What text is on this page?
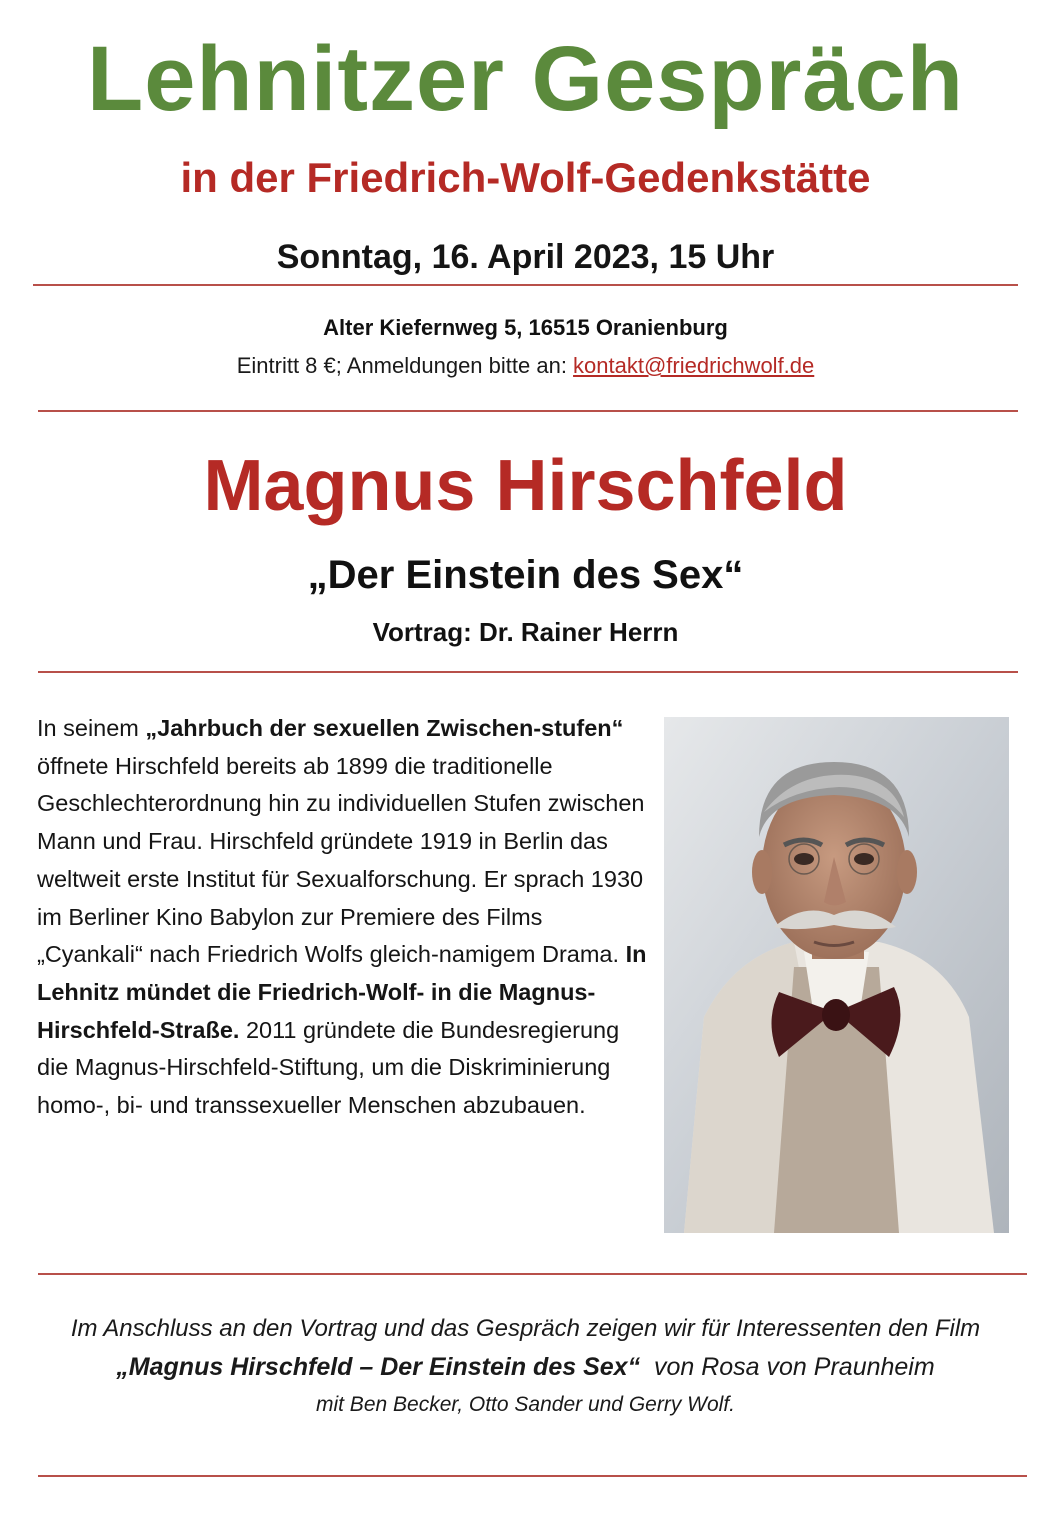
Lehnitzer Gespräch
in der Friedrich-Wolf-Gedenkstätte
Sonntag, 16. April 2023, 15 Uhr
Alter Kiefernweg 5, 16515 Oranienburg
Eintritt 8 €; Anmeldungen bitte an: kontakt@friedrichwolf.de
Magnus Hirschfeld
„Der Einstein des Sex“
Vortrag: Dr. Rainer Herrn
In seinem „Jahrbuch der sexuellen Zwischen-stufen“ öffnete Hirschfeld bereits ab 1899 die traditionelle Geschlechterordnung hin zu individuellen Stufen zwischen Mann und Frau. Hirschfeld gründete 1919 in Berlin das weltweit erste Institut für Sexualforschung. Er sprach 1930 im Berliner Kino Babylon zur Premiere des Films „Cyankali“ nach Friedrich Wolfs gleich-namigem Drama. In Lehnitz mündet die Friedrich-Wolf- in die Magnus-Hirschfeld-Straße. 2011 gründete die Bundesregierung die Magnus-Hirschfeld-Stiftung, um die Diskriminierung homo-, bi- und transsexueller Menschen abzubauen.
Im Anschluss an den Vortrag und das Gespräch zeigen wir für Interessenten den Film
„Magnus Hirschfeld – Der Einstein des Sex“  von Rosa von Praunheim
mit Ben Becker, Otto Sander und Gerry Wolf.
